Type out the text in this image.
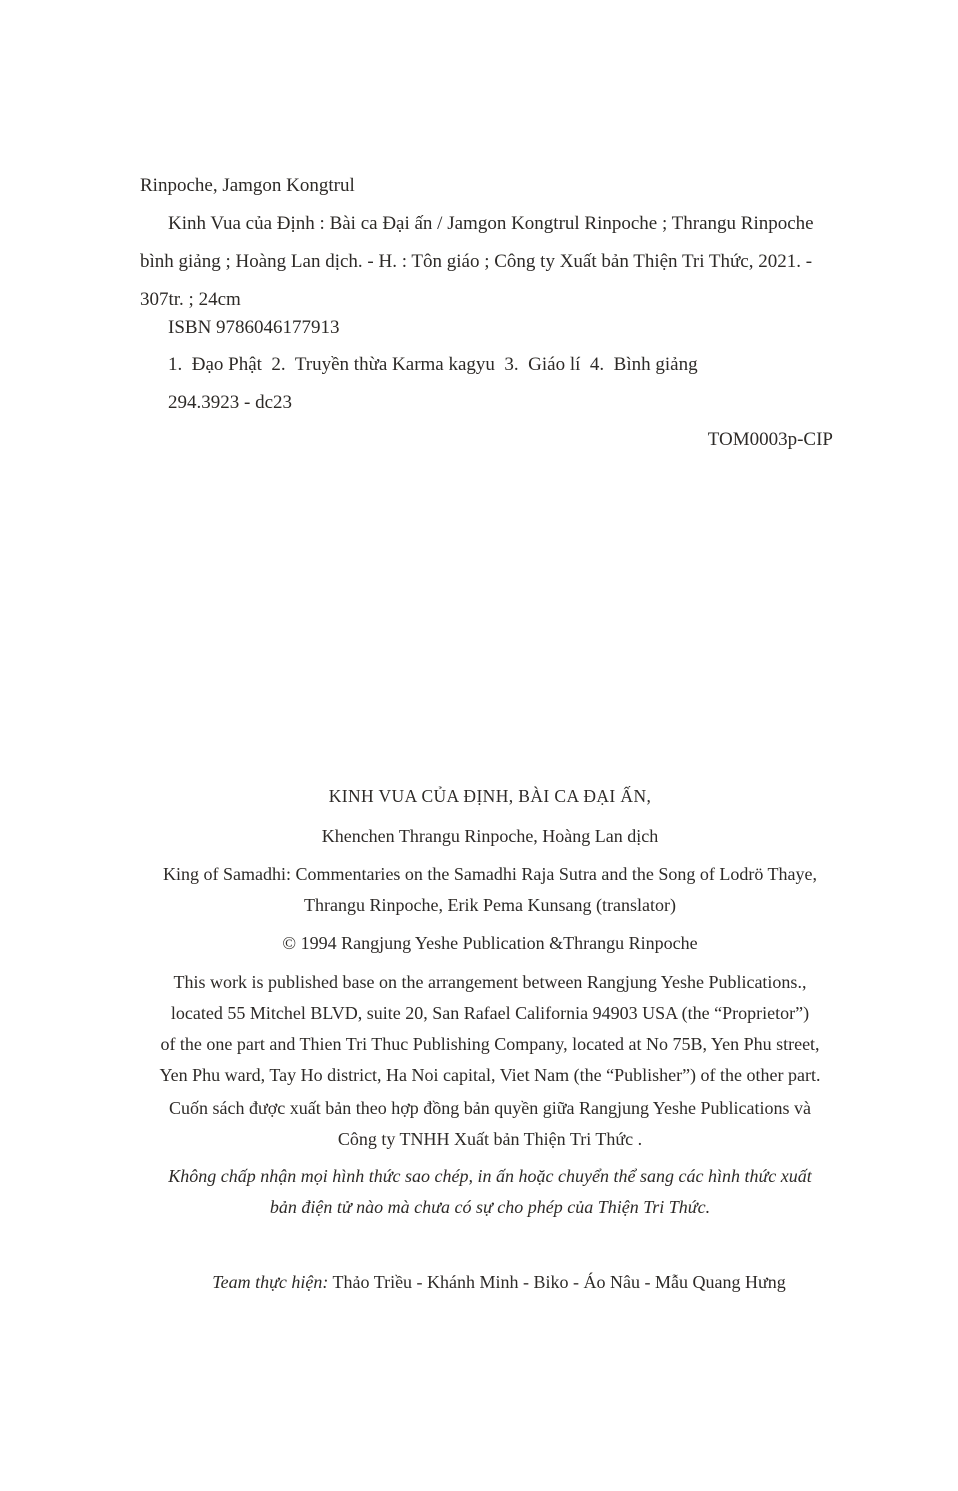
Rinpoche, Jamgon Kongtrul
Kinh Vua của Định : Bài ca Đại ấn / Jamgon Kongtrul Rinpoche ; Thrangu Rinpoche
bình giảng ; Hoàng Lan dịch. - H. : Tôn giáo ; Công ty Xuất bản Thiện Tri Thức, 2021. -
307tr. ; 24cm
ISBN 9786046177913
1.  Đạo Phật  2.  Truyền thừa Karma kagyu  3.  Giáo lí  4.  Bình giảng
294.3923 - dc23
TOM0003p-CIP
KINH VUA CỦA ĐỊNH, BÀI CA ĐẠI ẤN,
Khenchen Thrangu Rinpoche, Hoàng Lan dịch
King of Samadhi: Commentaries on the Samadhi Raja Sutra and the Song of Lodrö Thaye,
Thrangu Rinpoche, Erik Pema Kunsang (translator)
© 1994 Rangjung Yeshe Publication &Thrangu Rinpoche
This work is published base on the arrangement between Rangjung Yeshe Publications.,
located 55 Mitchel BLVD, suite 20, San Rafael California 94903 USA (the “Proprietor”)
of the one part and Thien Tri Thuc Publishing Company, located at No 75B, Yen Phu street,
Yen Phu ward, Tay Ho district, Ha Noi capital, Viet Nam (the “Publisher”) of the other part.
Cuốn sách được xuất bản theo hợp đồng bản quyền giữa Rangjung Yeshe Publications và
Công ty TNHH Xuất bản Thiện Tri Thức .
Không chấp nhận mọi hình thức sao chép, in ấn hoặc chuyển thể sang các hình thức xuất
bản điện tử nào mà chưa có sự cho phép của Thiện Tri Thức.

Team thực hiện: Thảo Triều - Khánh Minh - Biko - Áo Nâu - Mẫu Quang Hưng
